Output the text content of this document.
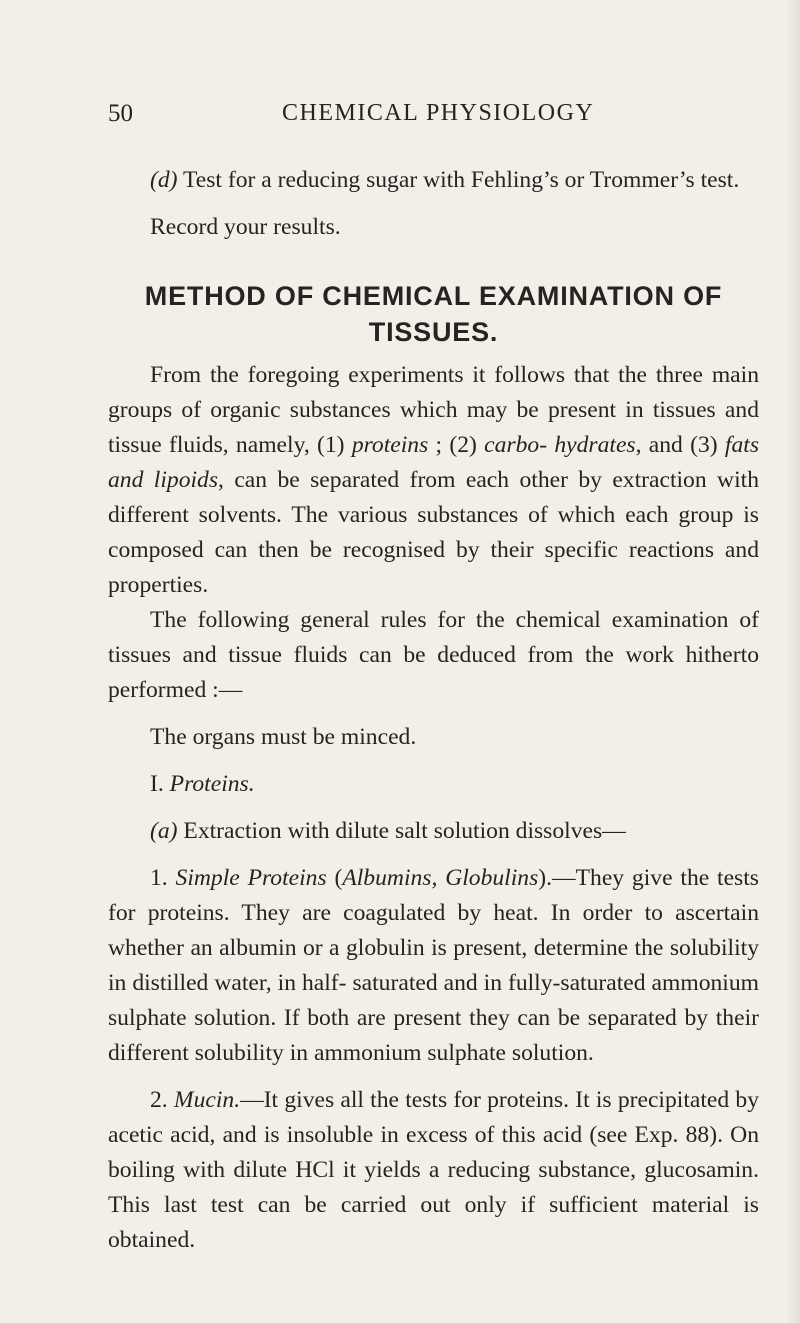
50	CHEMICAL PHYSIOLOGY

(d) Test for a reducing sugar with Fehling’s or Trommer’s test.

Record your results.

METHOD OF CHEMICAL EXAMINATION OF TISSUES.

From the foregoing experiments it follows that the three main groups of organic substances which may be present in tissues and tissue fluids, namely, (1) proteins ; (2) carbo- hydrates, and (3) fats and lipoids, can be separated from each other by extraction with different solvents. The various substances of which each group is composed can then be recognised by their specific reactions and properties.

The following general rules for the chemical examination of tissues and tissue fluids can be deduced from the work hitherto performed :—

The organs must be minced.

I. Proteins.

(a) Extraction with dilute salt solution dissolves—

1. Simple Proteins (Albumins, Globulins).—They give the tests for proteins. They are coagulated by heat. In order to ascertain whether an albumin or a globulin is present, determine the solubility in distilled water, in half- saturated and in fully-saturated ammonium sulphate solution. If both are present they can be separated by their different solubility in ammonium sulphate solution.

2. Mucin.—It gives all the tests for proteins. It is precipitated by acetic acid, and is insoluble in excess of this acid (see Exp. 88). On boiling with dilute HCl it yields a reducing substance, glucosamin. This last test can be carried out only if sufficient material is obtained.
